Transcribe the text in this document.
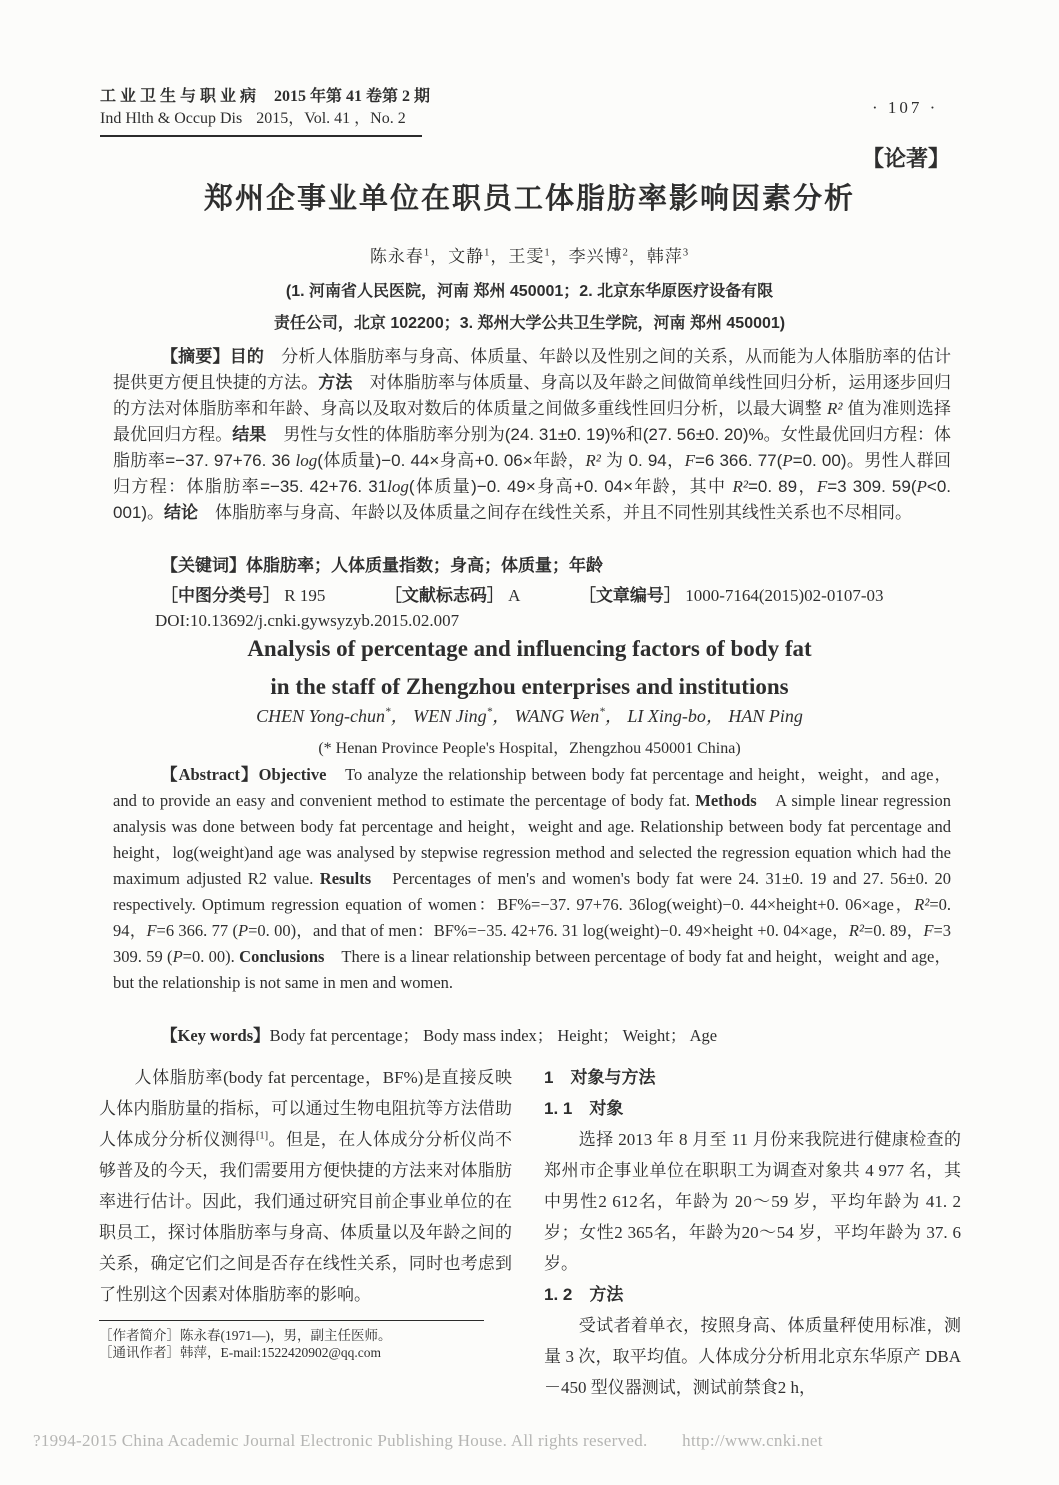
工业卫生与职业病 2015 年第 41 卷第 2 期
Ind Hlth & Occup Dis 2015，Vol. 41 ，No. 2
· 107 ·
【论著】
郑州企事业单位在职员工体脂肪率影响因素分析
陈永春$^1$，文静$^1$，王雯$^1$，李兴博$^2$，韩萍$^3$
(1. 河南省人民医院，河南 郑州 450001；2. 北京东华原医疗设备有限
责任公司，北京 102200；3. 郑州大学公共卫生学院，河南 郑州 450001)

【摘要】目的　分析人体脂肪率与身高、体质量、年龄以及性别之间的关系，从而能为人体脂肪率的估计提供更方便且快捷的方法。方法　对体脂肪率与体质量、身高以及年龄之间做简单线性回归分析，运用逐步回归的方法对体脂肪率和年龄、身高以及取对数后的体质量之间做多重线性回归分析，以最大调整 R² 值为准则选择最优回归方程。结果　男性与女性的体脂肪率分别为(24. 31±0. 19)%和(27. 56±0. 20)%。女性最优回归方程：体脂肪率=−37. 97+76. 36 log(体质量)−0. 44×身高+0. 06×年龄，R² 为 0. 94，F=6 366. 77(P=0. 00)。男性人群回归方程：体脂肪率=−35. 42+76. 31log(体质量)−0. 49×身高+0. 04×年龄，其中 R²=0. 89，F=3 309. 59(P<0. 001)。结论　体脂肪率与身高、年龄以及体质量之间存在线性关系，并且不同性别其线性关系也不尽相同。

【关键词】体脂肪率；人体质量指数；身高；体质量；年龄
［中图分类号］ R 195　　　　	［文献标志码］ A　　　　	［文章编号］ 1000-7164(2015)02-0107-03
DOI:10.13692/j.cnki.gywsyzyb.2015.02.007
Analysis of percentage and influencing factors of body fat
in the staff of Zhengzhou enterprises and institutions
CHEN Yong-chun*， WEN Jing*， WANG Wen*， LI Xing-bo， HAN Ping
(* Henan Province People's Hospital，Zhengzhou 450001 China)

【Abstract】Objective　To analyze the relationship between body fat percentage and height，weight，and age，and to provide an easy and convenient method to estimate the percentage of body fat. Methods　A simple linear regression analysis was done between body fat percentage and height，weight and age. Relationship between body fat percentage and height，log(weight)and age was analysed by stepwise regression method and selected the regression equation which had the maximum adjusted R2 value. Results　Percentages of men's and women's body fat were 24. 31±0. 19 and 27. 56±0. 20 respectively. Optimum regression equation of women：BF%=−37. 97+76. 36log(weight)−0. 44×height+0. 06×age，R²=0. 94，F=6 366. 77 (P=0. 00)，and that of men：BF%=−35. 42+76. 31 log(weight)−0. 49×height +0. 04×age，R²=0. 89，F=3 309. 59 (P=0. 00). Conclusions　There is a linear relationship between percentage of body fat and height，weight and age，but the relationship is not same in men and women.

【Key words】Body fat percentage； Body mass index； Height； Weight； Age

　　人体脂肪率(body fat percentage，BF%)是直接反映人体内脂肪量的指标，可以通过生物电阻抗等方法借助人体成分分析仪测得[1]。但是，在人体成分分析仪尚不够普及的今天，我们需要用方便快捷的方法来对体脂肪率进行估计。因此，我们通过研究目前企事业单位的在职员工，探讨体脂肪率与身高、体质量以及年龄之间的关系，确定它们之间是否存在线性关系，同时也考虑到了性别这个因素对体脂肪率的影响。

1　对象与方法
1. 1　对象

　　选择 2013 年 8 月至 11 月份来我院进行健康检查的郑州市企事业单位在职职工为调查对象共 4 977 名，其中男性2 612名，年龄为 20～59 岁，平均年龄为 41. 2 岁；女性2 365名，年龄为20～54 岁，平均年龄为 37. 6 岁。

1. 2　方法

　　受试者着单衣，按照身高、体质量秤使用标准，测量 3 次，取平均值。人体成分分析用北京东华原产 DBA－450 型仪器测试，测试前禁食2 h，

［作者简介］陈永春(1971—)，男，副主任医师。
［通讯作者］韩萍，E-mail:1522420902@qq.com
?1994-2015 China Academic Journal Electronic Publishing House. All rights reserved.　　http://www.cnki.net
